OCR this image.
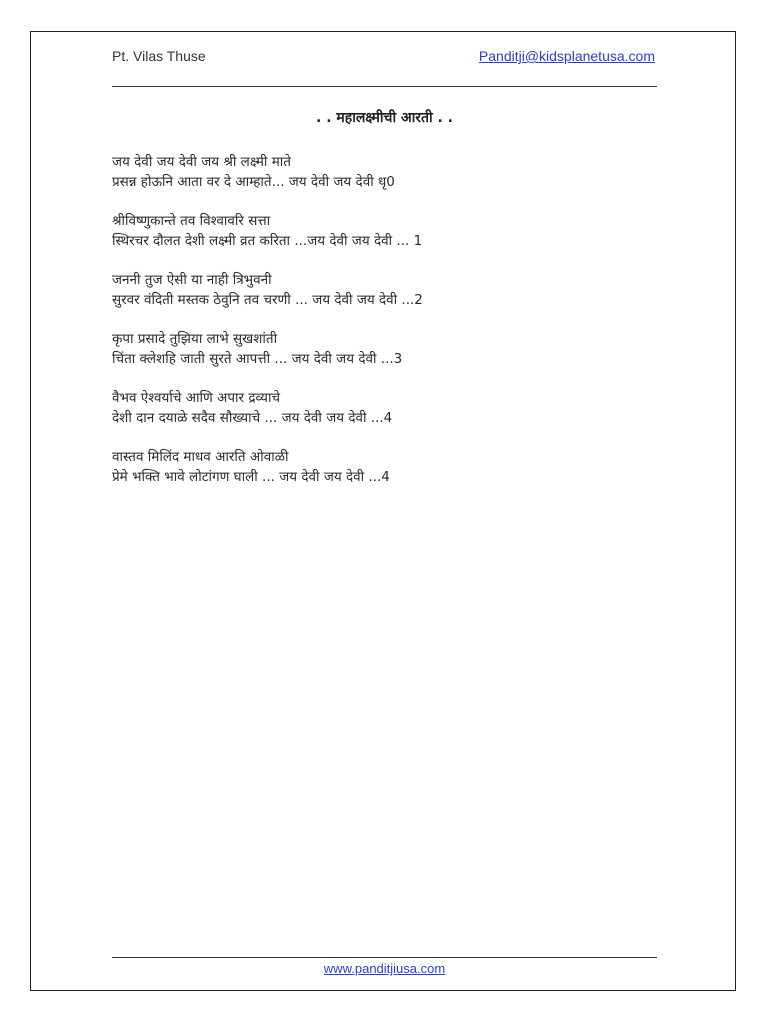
Pt. Vilas Thuse	Panditji@kidsplanetusa.com
. . महालक्ष्मीची आरती . .
जय देवी जय देवी जय श्री लक्ष्मी माते
प्रसन्न होऊनि आता वर दे आम्हाते... जय देवी जय देवी धृ0
श्रीविष्णुकान्ते तव विश्वावरि सत्ता
स्थिरचर दौलत देशी लक्ष्मी व्रत करिता ...जय देवी जय देवी ... 1
जननी तुज ऐसी या नाही त्रिभुवनी
सुरवर वंदिती मस्तक ठेवुनि तव चरणी ... जय देवी जय देवी ...2
कृपा प्रसादे तुझिया लाभे सुखशांती
चिंता क्लेशहि जाती सुरते आपत्ती ... जय देवी जय देवी ...3
वैभव ऐश्वर्याचे आणि अपार द्रव्याचे
देशी दान दयाळे सदैव सौख्याचे ... जय देवी जय देवी ...4
वास्तव मिलिंद माधव आरति ओवाळी
प्रेमे भक्ति भावे लोटांगण घाली ... जय देवी जय देवी ...4
www.panditjiusa.com
